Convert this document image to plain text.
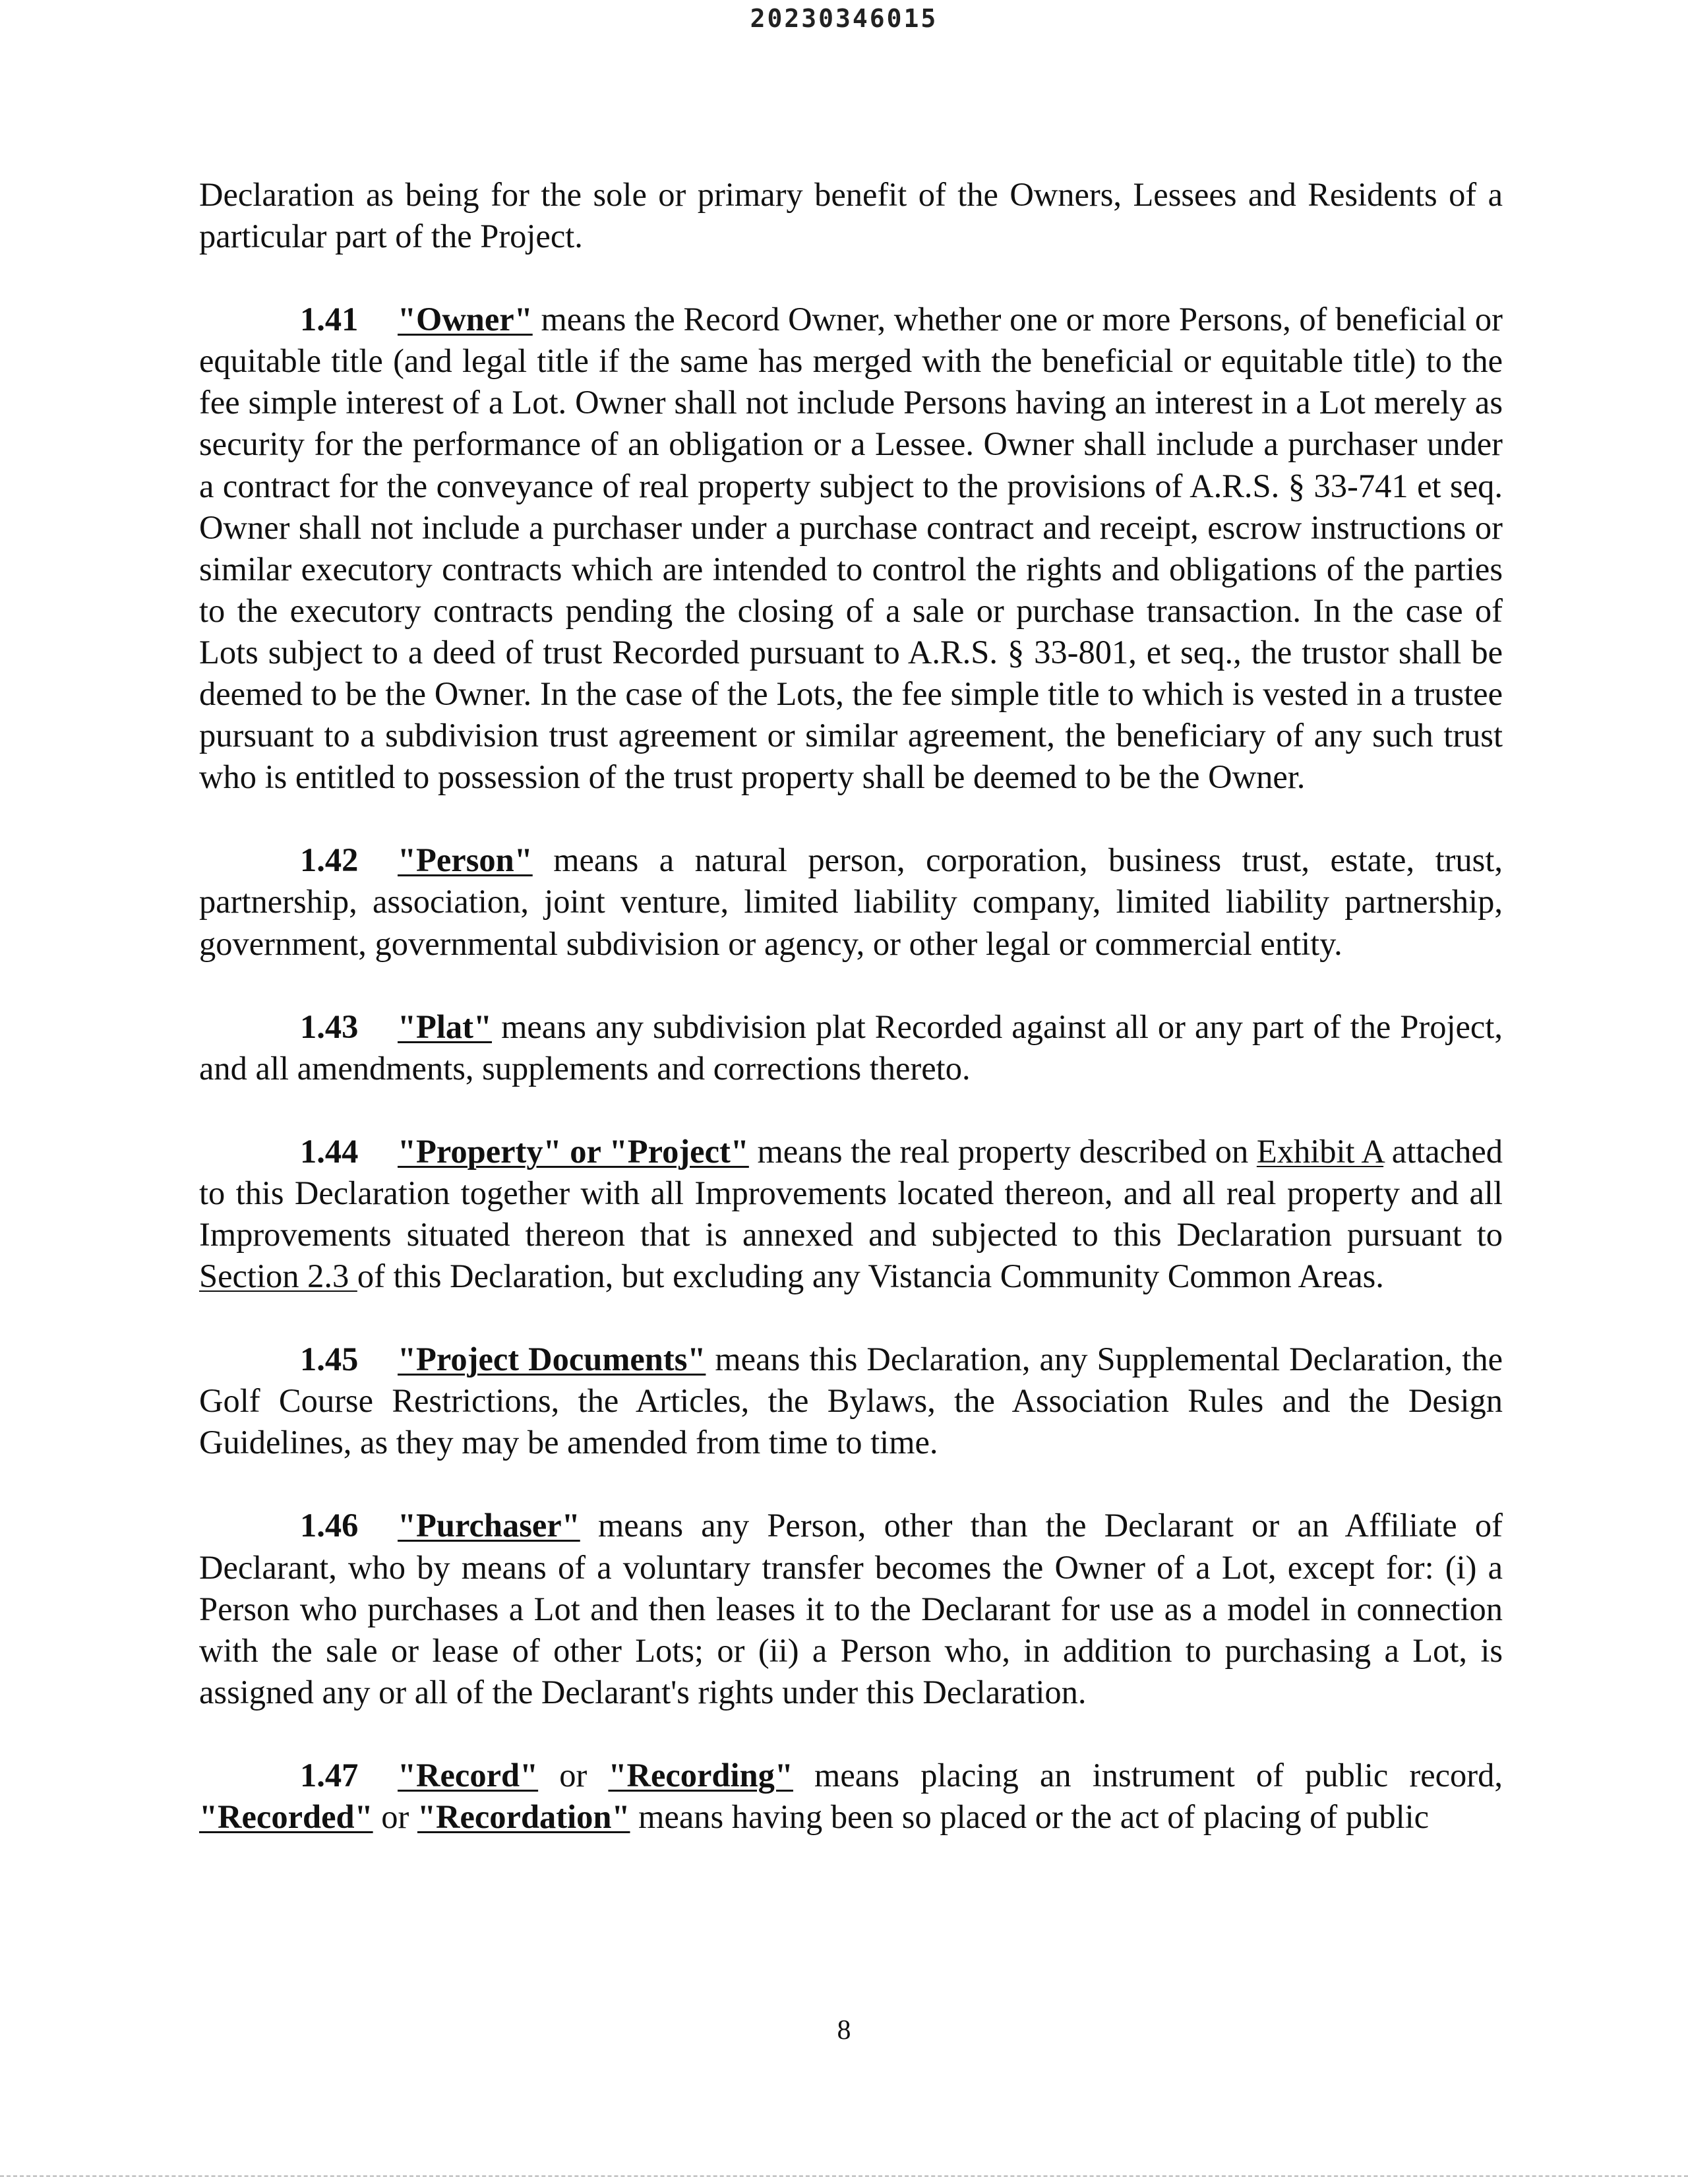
20230346015

Declaration as being for the sole or primary benefit of the Owners, Lessees and Residents of a particular part of the Project.

1.41 "Owner" means the Record Owner, whether one or more Persons, of beneficial or equitable title (and legal title if the same has merged with the beneficial or equitable title) to the fee simple interest of a Lot. Owner shall not include Persons having an interest in a Lot merely as security for the performance of an obligation or a Lessee. Owner shall include a purchaser under a contract for the conveyance of real property subject to the provisions of A.R.S. § 33-741 et seq. Owner shall not include a purchaser under a purchase contract and receipt, escrow instructions or similar executory contracts which are intended to control the rights and obligations of the parties to the executory contracts pending the closing of a sale or purchase transaction. In the case of Lots subject to a deed of trust Recorded pursuant to A.R.S. § 33-801, et seq., the trustor shall be deemed to be the Owner. In the case of the Lots, the fee simple title to which is vested in a trustee pursuant to a subdivision trust agreement or similar agreement, the beneficiary of any such trust who is entitled to possession of the trust property shall be deemed to be the Owner.

1.42 "Person" means a natural person, corporation, business trust, estate, trust, partnership, association, joint venture, limited liability company, limited liability partnership, government, governmental subdivision or agency, or other legal or commercial entity.

1.43 "Plat" means any subdivision plat Recorded against all or any part of the Project, and all amendments, supplements and corrections thereto.

1.44 "Property" or "Project" means the real property described on Exhibit A attached to this Declaration together with all Improvements located thereon, and all real property and all Improvements situated thereon that is annexed and subjected to this Declaration pursuant to Section 2.3 of this Declaration, but excluding any Vistancia Community Common Areas.

1.45 "Project Documents" means this Declaration, any Supplemental Declaration, the Golf Course Restrictions, the Articles, the Bylaws, the Association Rules and the Design Guidelines, as they may be amended from time to time.

1.46 "Purchaser" means any Person, other than the Declarant or an Affiliate of Declarant, who by means of a voluntary transfer becomes the Owner of a Lot, except for: (i) a Person who purchases a Lot and then leases it to the Declarant for use as a model in connection with the sale or lease of other Lots; or (ii) a Person who, in addition to purchasing a Lot, is assigned any or all of the Declarant's rights under this Declaration.

1.47 "Record" or "Recording" means placing an instrument of public record, "Recorded" or "Recordation" means having been so placed or the act of placing of public

8
